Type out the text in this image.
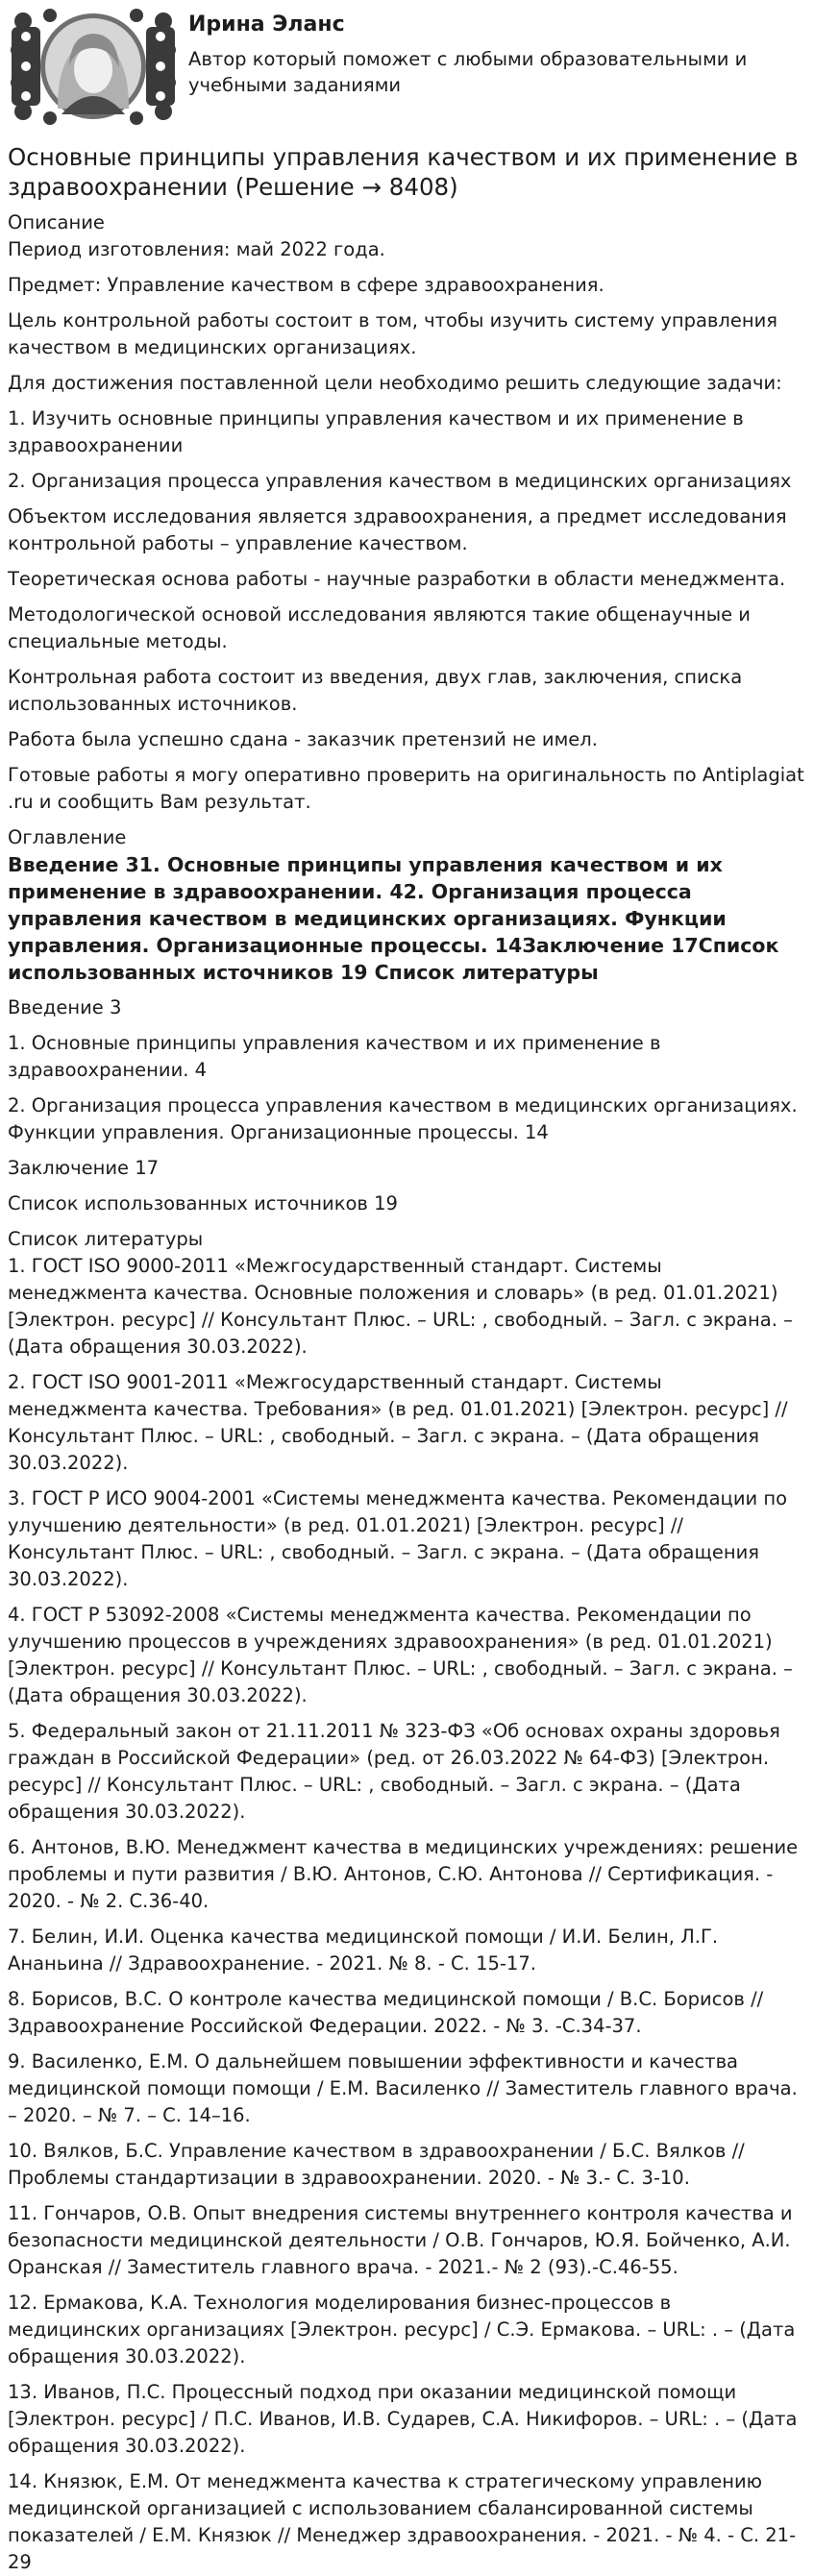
Ирина Эланс

Автор который поможет с любыми образовательными и учебными заданиями

Основные принципы управления качеством и их применение в здравоохранении (Решение → 8408)

Описание

Период изготовления: май 2022 года.

Предмет: Управление качеством в сфере здравоохранения.

Цель контрольной работы состоит в том, чтобы изучить систему управления качеством в медицинских организациях.

Для достижения поставленной цели необходимо решить следующие задачи:

1. Изучить основные принципы управления качеством и их применение в здравоохранении

2. Организация процесса управления качеством в медицинских организациях

Объектом исследования является здравоохранения, а предмет исследования контрольной работы – управление качеством.

Теоретическая основа работы - научные разработки в области менеджмента.

Методологической основой исследования являются такие общенаучные и специальные методы.

Контрольная работа состоит из введения, двух глав, заключения, списка использованных источников.

Работа была успешно сдана - заказчик претензий не имел.

Готовые работы я могу оперативно проверить на оригинальность по Antiplagiat .ru и сообщить Вам результат.

Оглавление

Введение 31. Основные принципы управления качеством и их применение в здравоохранении. 42. Организация процесса управления качеством в медицинских организациях. Функции управления. Организационные процессы. 14Заключение 17Список использованных источников 19 Список литературы

Введение 3

1. Основные принципы управления качеством и их применение в здравоохранении. 4

2. Организация процесса управления качеством в медицинских организациях. Функции управления. Организационные процессы. 14

Заключение 17

Список использованных источников 19

Список литературы

1. ГОСТ ISO 9000-2011 «Межгосударственный стандарт. Системы менеджмента качества. Основные положения и словарь» (в ред. 01.01.2021) [Электрон. ресурс] // Консультант Плюс. – URL: , свободный. – Загл. с экрана. – (Дата обращения 30.03.2022).

2. ГОСТ ISO 9001-2011 «Межгосударственный стандарт. Системы менеджмента качества. Требования» (в ред. 01.01.2021) [Электрон. ресурс] // Консультант Плюс. – URL: , свободный. – Загл. с экрана. – (Дата обращения 30.03.2022).

3. ГОСТ Р ИСО 9004-2001 «Системы менеджмента качества. Рекомендации по улучшению деятельности» (в ред. 01.01.2021) [Электрон. ресурс] // Консультант Плюс. – URL: , свободный. – Загл. с экрана. – (Дата обращения 30.03.2022).

4. ГОСТ Р 53092-2008 «Системы менеджмента качества. Рекомендации по улучшению процессов в учреждениях здравоохранения» (в ред. 01.01.2021) [Электрон. ресурс] // Консультант Плюс. – URL: , свободный. – Загл. с экрана. – (Дата обращения 30.03.2022).

5. Федеральный закон от 21.11.2011 № 323-ФЗ «Об основах охраны здоровья граждан в Российской Федерации» (ред. от 26.03.2022 № 64-ФЗ) [Электрон. ресурс] // Консультант Плюс. – URL: , свободный. – Загл. с экрана. – (Дата обращения 30.03.2022).

6. Антонов, В.Ю. Менеджмент качества в медицинских учреждениях: решение проблемы и пути развития / В.Ю. Антонов, С.Ю. Антонова // Сертификация. - 2020. - № 2. С.36-40.

7. Белин, И.И. Оценка качества медицинской помощи / И.И. Белин, Л.Г. Ананьина // Здравоохранение. - 2021. № 8. - С. 15-17.

8. Борисов, В.С. О контроле качества медицинской помощи / В.С. Борисов // Здравоохранение Российской Федерации. 2022. - № 3. -С.34-37.

9. Василенко, Е.М. О дальнейшем повышении эффективности и качества медицинской помощи помощи / Е.М. Василенко // Заместитель главного врача. – 2020. – № 7. – С. 14–16.

10. Вялков, Б.С. Управление качеством в здравоохранении / Б.С. Вялков // Проблемы стандартизации в здравоохранении. 2020. - № 3.- С. 3-10.

11. Гончаров, О.В. Опыт внедрения системы внутреннего контроля качества и безопасности медицинской деятельности / О.В. Гончаров, Ю.Я. Бойченко, А.И. Оранская // Заместитель главного врача. - 2021.- № 2 (93).-С.46-55.

12. Ермакова, К.А. Технология моделирования бизнес-процессов в медицинских организациях [Электрон. ресурс] / С.Э. Ермакова. – URL: . – (Дата обращения 30.03.2022).

13. Иванов, П.С. Процессный подход при оказании медицинской помощи [Электрон. ресурс] / П.С. Иванов, И.В. Сударев, С.А. Никифоров. – URL: . – (Дата обращения 30.03.2022).

14. Князюк, Е.М. От менеджмента качества к стратегическому управлению медицинской организацией с использованием сбалансированной системы показателей / Е.М. Князюк // Менеджер здравоохранения. - 2021. - № 4. - С. 21-29
